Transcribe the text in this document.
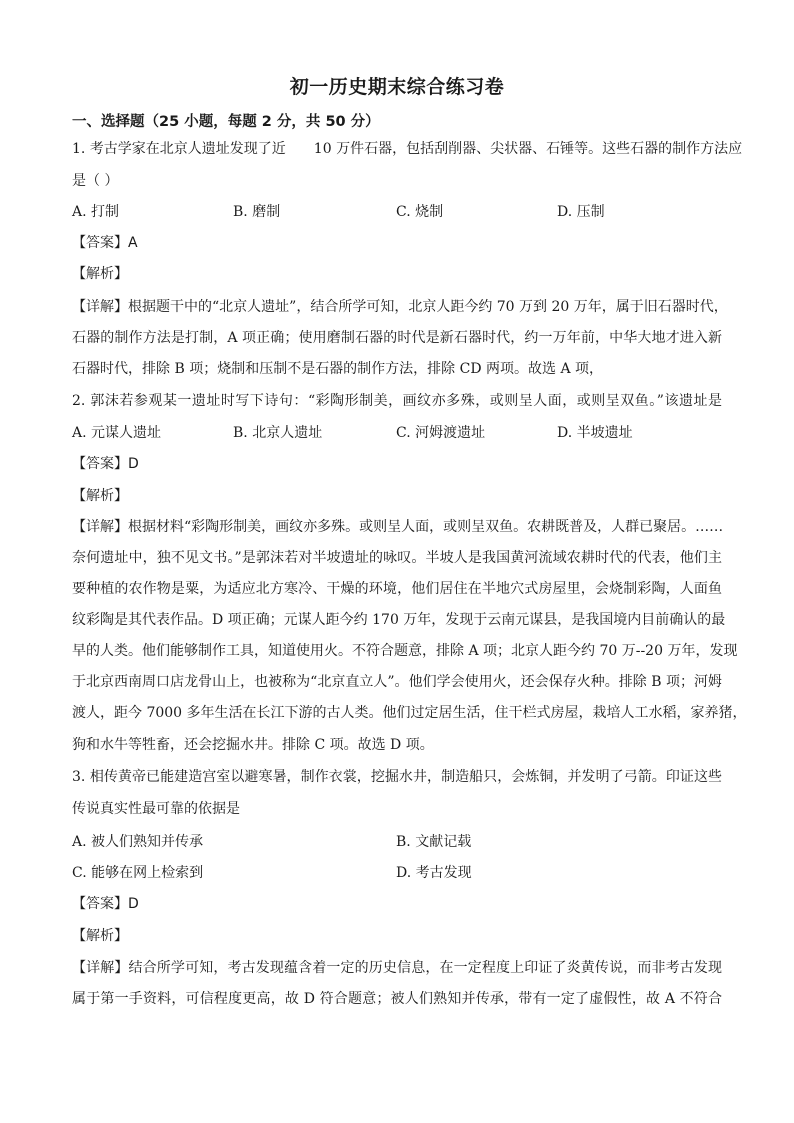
初一历史期末综合练习卷
一、选择题（25 小题，每题 2 分，共 50 分）
1. 考古学家在北京人遗址发现了近　　10 万件石器，包括刮削器、尖状器、石锤等。这些石器的制作方法应
是（ ）
A. 打制	B. 磨制	C. 烧制	D. 压制
【答案】A
【解析】
【详解】根据题干中的“北京人遗址”，结合所学可知，北京人距今约 70 万到 20 万年，属于旧石器时代，
石器的制作方法是打制，A 项正确；使用磨制石器的时代是新石器时代，约一万年前，中华大地才进入新
石器时代，排除 B 项；烧制和压制不是石器的制作方法，排除 CD 两项。故选 A 项，
2. 郭沫若参观某一遗址时写下诗句：“彩陶形制美，画纹亦多殊，或则呈人面，或则呈双鱼。”该遗址是
A. 元谋人遗址	B. 北京人遗址	C. 河姆渡遗址	D. 半坡遗址
【答案】D
【解析】
【详解】根据材料“彩陶形制美，画纹亦多殊。或则呈人面，或则呈双鱼。农耕既普及，人群已聚居。……
奈何遗址中，独不见文书。”是郭沫若对半坡遗址的咏叹。半坡人是我国黄河流域农耕时代的代表，他们主
要种植的农作物是粟，为适应北方寒冷、干燥的环境，他们居住在半地穴式房屋里，会烧制彩陶，人面鱼
纹彩陶是其代表作品。D 项正确；元谋人距今约 170 万年，发现于云南元谋县，是我国境内目前确认的最
早的人类。他们能够制作工具，知道使用火。不符合题意，排除 A 项；北京人距今约 70 万--20 万年，发现
于北京西南周口店龙骨山上，也被称为“北京直立人”。他们学会使用火，还会保存火种。排除 B 项；河姆
渡人，距今 7000 多年生活在长江下游的古人类。他们过定居生活，住干栏式房屋，栽培人工水稻，家养猪，
狗和水牛等牲畜，还会挖掘水井。排除 C 项。故选 D 项。
3. 相传黄帝已能建造宫室以避寒暑，制作衣裳，挖掘水井，制造船只，会炼铜，并发明了弓箭。印证这些
传说真实性最可靠的依据是
A. 被人们熟知并传承	B. 文献记载
C. 能够在网上检索到	D. 考古发现
【答案】D
【解析】
【详解】结合所学可知，考古发现蕴含着一定的历史信息，在一定程度上印证了炎黄传说，而非考古发现
属于第一手资料，可信程度更高，故 D 符合题意；被人们熟知并传承，带有一定了虚假性，故 A 不符合
